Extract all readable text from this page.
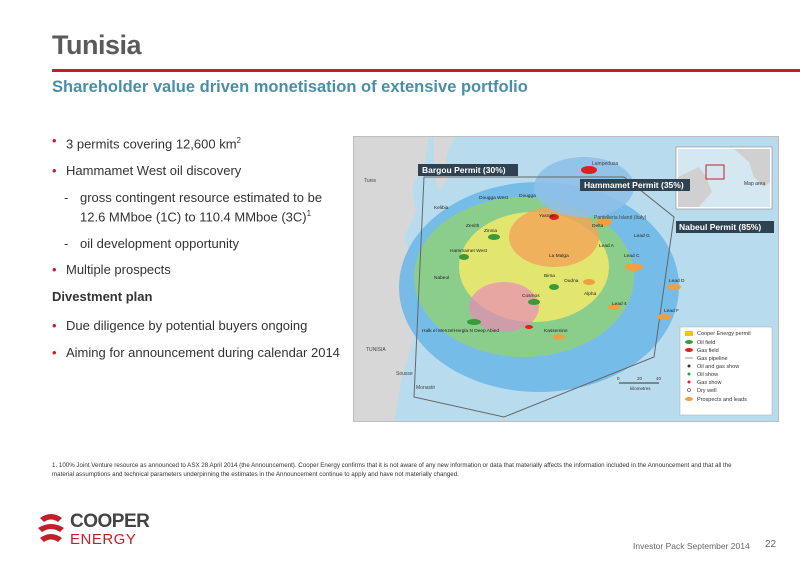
Tunisia
Shareholder value driven monetisation of extensive portfolio
• 3 permits covering 12,600 $km^2$
• Hammamet West oil discovery
- gross contingent resource estimated to be 12.6 MMboe (1C) to 110.4 MMboe $(3C)^1$
- oil development opportunity
• Multiple prospects
Divestment plan
• Due diligence by potential buyers ongoing
• Aiming for announcement during calendar 2014
Map area
Cooper Energy permit
Oil field
Gas field
Gas pipeline
Oil and gas show
Oil show
Gas show
Dry well
Prospects and leads
0	20	40
kilometres
Tunis
Pantelleria Island (Italy)
Sousse
Monastir
Lampedusa
TUNISIA
Dougga West Dougga
Zinnia
Hammamet West
Zenith
Kelibia
Oudna
Birsa
Lead A
Lead C
Lead D
Lead F
Lead G
Lead 4
Alpha
La Malga
Cosmos
Yasmin
Nabeul
Delta
Halk el Menzel Hergla N Deep Abied	Kassemine
Bargou Permit (30%)
Hammamet Permit (35%)
Nabeul Permit (85%)
1. 100% Joint Venture resource as announced to ASX 28 April 2014 (the Announcement). Cooper Energy confirms that it is not aware of any new information or data that materially affects the information included in the Announcement and that all the material assumptions and technical parameters underpinning the estimates in the Announcement continue to apply and have not materially changed.
COOPER
ENERGY	Investor Pack September 2014 22
